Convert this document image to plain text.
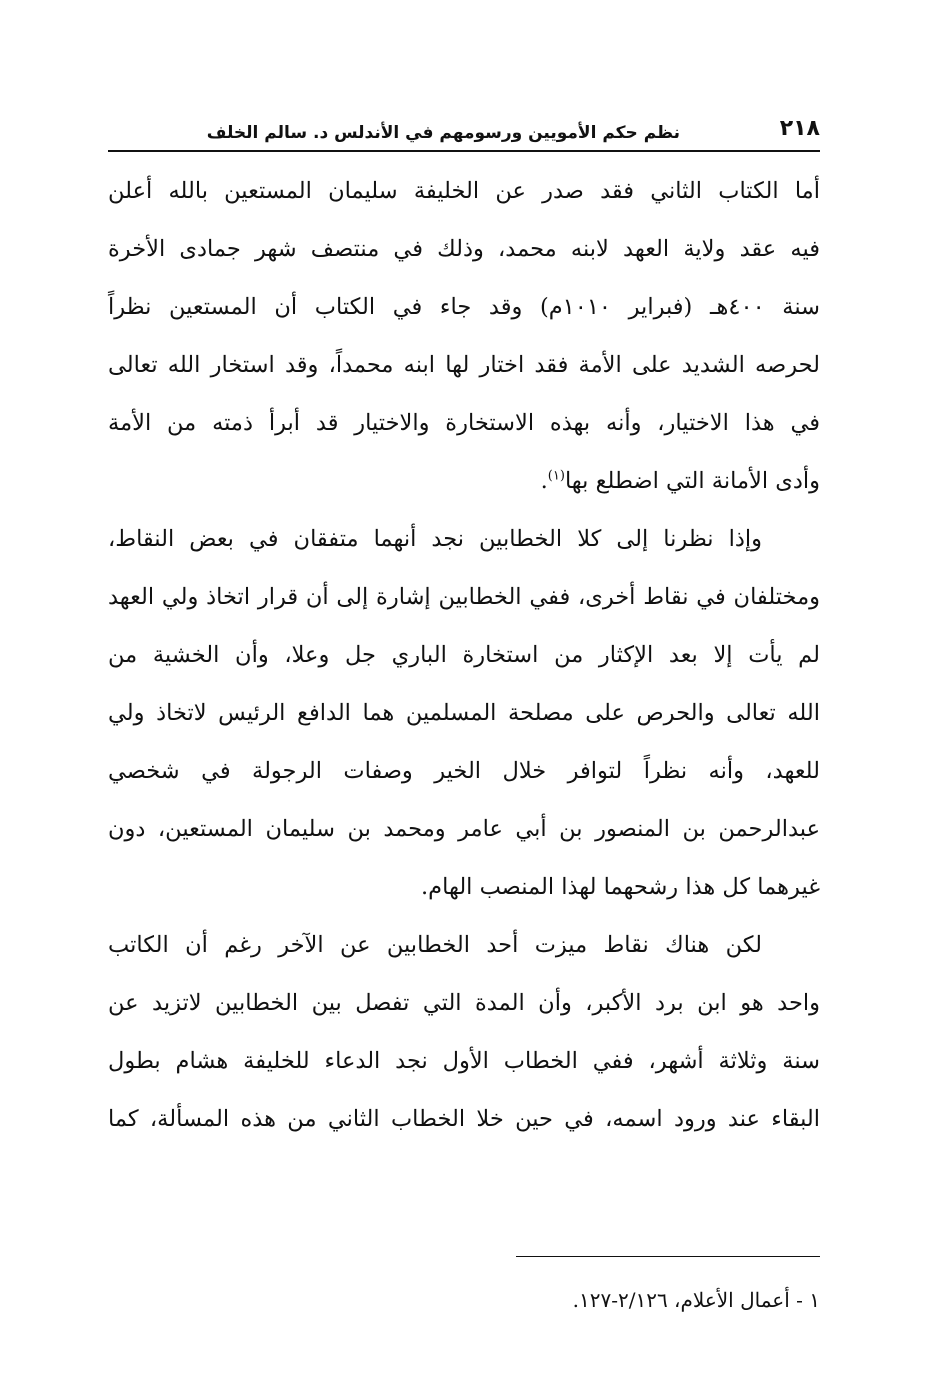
٢١٨
نظم حكم الأمويين ورسومهم في الأندلس د. سالم الخلف
أما الكتاب الثاني فقد صدر عن الخليفة سليمان المستعين بالله أعلن
فيه عقد ولاية العهد لابنه محمد، وذلك في منتصف شهر جمادى الأخرة
سنة ٤٠٠هـ (فبراير ١٠١٠م) وقد جاء في الكتاب أن المستعين نظراً
لحرصه الشديد على الأمة فقد اختار لها ابنه محمداً، وقد استخار الله تعالى
في هذا الاختيار، وأنه بهذه الاستخارة والاختيار قد أبرأ ذمته من الأمة
وأدى الأمانة التي اضطلع بها$^{(١)}$.
وإذا نظرنا إلى كلا الخطابين نجد أنهما متفقان في بعض النقاط،
ومختلفان في نقاط أخرى، ففي الخطابين إشارة إلى أن قرار اتخاذ ولي العهد
لم يأت إلا بعد الإكثار من استخارة الباري جل وعلا، وأن الخشية من
الله تعالى والحرص على مصلحة المسلمين هما الدافع الرئيس لاتخاذ ولي
للعهد، وأنه نظراً لتوافر خلال الخير وصفات الرجولة في شخصي
عبدالرحمن بن المنصور بن أبي عامر ومحمد بن سليمان المستعين، دون
غيرهما كل هذا رشحهما لهذا المنصب الهام.
لكن هناك نقاط ميزت أحد الخطابين عن الآخر رغم أن الكاتب
واحد هو ابن برد الأكبر، وأن المدة التي تفصل بين الخطابين لاتزيد عن
سنة وثلاثة أشهر، ففي الخطاب الأول نجد الدعاء للخليفة هشام بطول
البقاء عند ورود اسمه، في حين خلا الخطاب الثاني من هذه المسألة، كما
١ - أعمال الأعلام، ٢/١٢٦-١٢٧.
